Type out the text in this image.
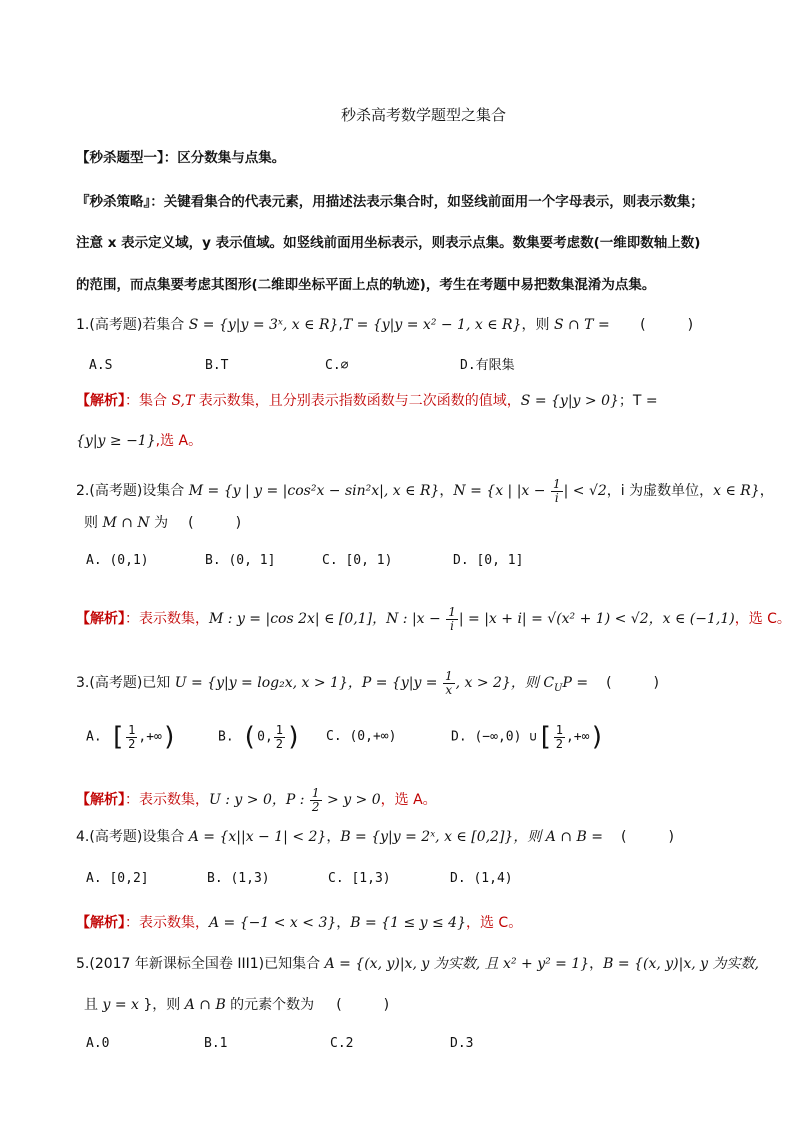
秒杀高考数学题型之集合
【秒杀题型一】：区分数集与点集。
『秒杀策略』：关键看集合的代表元素，用描述法表示集合时，如竖线前面用一个字母表示，则表示数集；
注意 x 表示定义域，y 表示值域。如竖线前面用坐标表示，则表示点集。数集要考虑数(一维即数轴上数)
的范围，而点集要考虑其图形(二维即坐标平面上点的轨迹)，考生在考题中易把数集混淆为点集。
1.(高考题)若集合 S = {y|y = 3ˣ, x ∈ R},T = {y|y = x² − 1, x ∈ R}，则 S ∩ T = (　　　)
A.S	B.T	C.∅	D.有限集
【解析】：集合 S,T 表示数集，且分别表示指数函数与二次函数的值域，S = {y|y > 0}；T =
{y|y ≥ −1},选 A。
2.(高考题)设集合 M = {y | y = |cos²x − sin²x|, x ∈ R}，N = {x | $|x - \frac{1}{i}$ | < √2，i 为虚数单位，x ∈ R}，
则 M ∩ N 为 (　　　)
A. (0,1)	B. (0, 1]	C. [0, 1)	D. [0, 1]
【解析】：表示数集，M : y = |cos 2x| ∈ [0,1]，N : $|x - \frac{1}{i}$ | = |x + i| = √(x² + 1) < √2，x ∈ (−1,1)，选 C。
3.(高考题)已知 U = {y|y = log₂x, x > 1}，$P = \{y|y = \frac{1}{x}$ , x > 2}，则 $C_UP$ = (　　　)
A. [ $\frac{1}{2}$ ,+∞)	B. (0, $\frac{1}{2}$ ) C. (0,+∞)	D. (−∞,0) ∪[ $\frac{1}{2}$ ,+∞)
【解析】：表示数集，U : y > 0，P : $\frac{1}{2} > y > 0$，选 A。
4.(高考题)设集合 A = {x||x − 1| < 2}，B = {y|y = 2ˣ, x ∈ [0,2]}，则 A ∩ B = (　　　)
A. [0,2]	B. (1,3)	C. [1,3)	D. (1,4)
【解析】：表示数集，A = {−1 < x < 3}，B = {1 ≤ y ≤ 4}，选 C。
5.(2017 年新课标全国卷 III1)已知集合 A = {(x, y)|x, y 为实数, 且 x² + y² = 1}，B = {(x, y)|x, y 为实数,
且 y = x }，则 A ∩ B 的元素个数为 (　　　)
A.0	B.1	C.2	D.3
